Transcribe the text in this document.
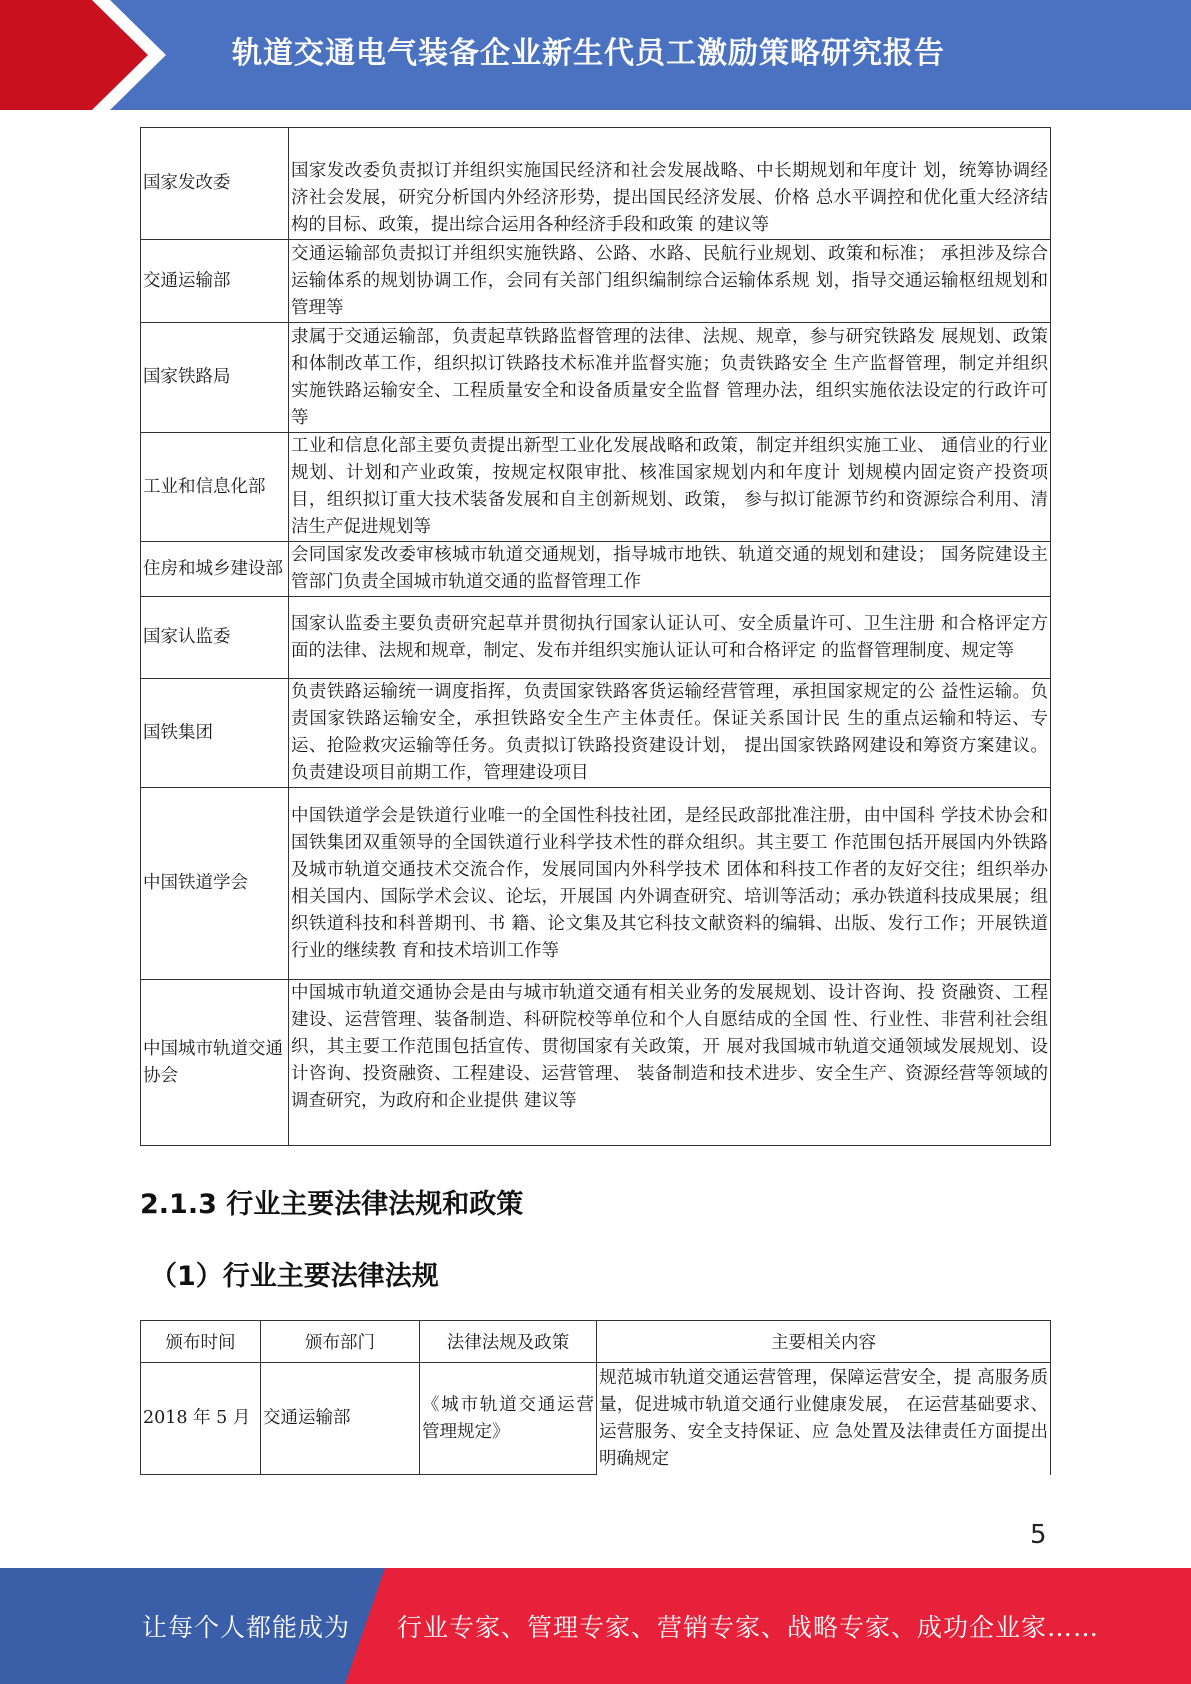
轨道交通电气装备企业新生代员工激励策略研究报告
国家发改委	国家发改委负责拟订并组织实施国民经济和社会发展战略、中长期规划和年度计 划，统筹协调经济社会发展，研究分析国内外经济形势，提出国民经济发展、价格 总水平调控和优化重大经济结构的目标、政策，提出综合运用各种经济手段和政策 的建议等
交通运输部	交通运输部负责拟订并组织实施铁路、公路、水路、民航行业规划、政策和标准； 承担涉及综合运输体系的规划协调工作，会同有关部门组织编制综合运输体系规 划，指导交通运输枢纽规划和管理等
国家铁路局	隶属于交通运输部，负责起草铁路监督管理的法律、法规、规章，参与研究铁路发 展规划、政策和体制改革工作，组织拟订铁路技术标准并监督实施；负责铁路安全 生产监督管理，制定并组织实施铁路运输安全、工程质量安全和设备质量安全监督 管理办法，组织实施依法设定的行政许可等
工业和信息化部	工业和信息化部主要负责提出新型工业化发展战略和政策，制定并组织实施工业、 通信业的行业规划、计划和产业政策，按规定权限审批、核准国家规划内和年度计 划规模内固定资产投资项目，组织拟订重大技术装备发展和自主创新规划、政策， 参与拟订能源节约和资源综合利用、清洁生产促进规划等
住房和城乡建设部	会同国家发改委审核城市轨道交通规划，指导城市地铁、轨道交通的规划和建设； 国务院建设主管部门负责全国城市轨道交通的监督管理工作
国家认监委	国家认监委主要负责研究起草并贯彻执行国家认证认可、安全质量许可、卫生注册 和合格评定方面的法律、法规和规章，制定、发布并组织实施认证认可和合格评定 的监督管理制度、规定等
国铁集团	负责铁路运输统一调度指挥，负责国家铁路客货运输经营管理，承担国家规定的公 益性运输。负责国家铁路运输安全，承担铁路安全生产主体责任。保证关系国计民 生的重点运输和特运、专运、抢险救灾运输等任务。负责拟订铁路投资建设计划， 提出国家铁路网建设和筹资方案建议。负责建设项目前期工作，管理建设项目
中国铁道学会	中国铁道学会是铁道行业唯一的全国性科技社团，是经民政部批准注册，由中国科 学技术协会和国铁集团双重领导的全国铁道行业科学技术性的群众组织。其主要工 作范围包括开展国内外铁路及城市轨道交通技术交流合作，发展同国内外科学技术 团体和科技工作者的友好交往；组织举办相关国内、国际学术会议、论坛，开展国 内外调查研究、培训等活动；承办铁道科技成果展；组织铁道科技和科普期刊、书 籍、论文集及其它科技文献资料的编辑、出版、发行工作；开展铁道行业的继续教 育和技术培训工作等
中国城市轨道交通协会	中国城市轨道交通协会是由与城市轨道交通有相关业务的发展规划、设计咨询、投 资融资、工程建设、运营管理、装备制造、科研院校等单位和个人自愿结成的全国 性、行业性、非营利社会组织，其主要工作范围包括宣传、贯彻国家有关政策，开 展对我国城市轨道交通领域发展规划、设计咨询、投资融资、工程建设、运营管理、 装备制造和技术进步、安全生产、资源经营等领域的调查研究，为政府和企业提供 建议等
2.1.3 行业主要法律法规和政策
（1）行业主要法律法规
颁布时间	颁布部门	法律法规及政策	主要相关内容
2018 年 5 月	交通运输部	《城市轨道交通运营管理规定》	规范城市轨道交通运营管理，保障运营安全，提 高服务质量，促进城市轨道交通行业健康发展， 在运营基础要求、运营服务、安全支持保证、应 急处置及法律责任方面提出明确规定
5
让每个人都能成为 行业专家、管理专家、营销专家、战略专家、成功企业家……
